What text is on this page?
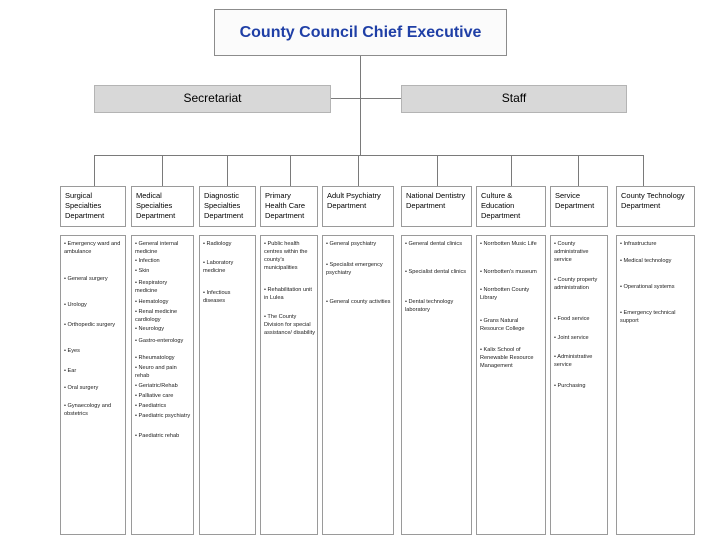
County Council Chief Executive
Secretariat	Staff
Surgical Specialties Department
Medical Specialties Department
Diagnostic Specialties Department
Primary Health Care Department
Adult Psychiatry Department
National Dentistry Department
Culture & Education Department
Service Department
County Technology Department
• Emergency ward and ambulance
• General surgery
• Urology
• Orthopedic surgery
• Eyes
• Ear
• Oral surgery
• Gynaecology and obstetrics
• General internal medicine
• Infection
• Skin
• Respiratory medicine
• Hematology
• Renal medicine cardiology
• Neurology
• Gastro-enterology
• Rheumatology
• Neuro and pain rehab
• Geriatric/Rehab
• Palliative care
• Paediatrics
• Paediatric psychiatry
• Paediatric rehab
• Radiology
• Laboratory medicine
• Infectious diseases
• Public health centres within the county's municipalities
• Rehabilitation unit in Lulea
• The County Division for special assistance/ disability
• General psychiatry
• Specialist emergency psychiatry
• General county activities
• General dental clinics
• Specialist dental clinics
• Dental technology laboratory
• Norrbotten Music Life
• Norrbotten's museum
• Norrbotten County Library
• Grans Natural Resource College
• Kalix School of Renewable Resource Management
• County administrative service
• County property administration
• Food service
• Joint service
• Administrative service
• Purchasing
• Infrastructure
• Medical technology
• Operational systems
• Emergency technical support
